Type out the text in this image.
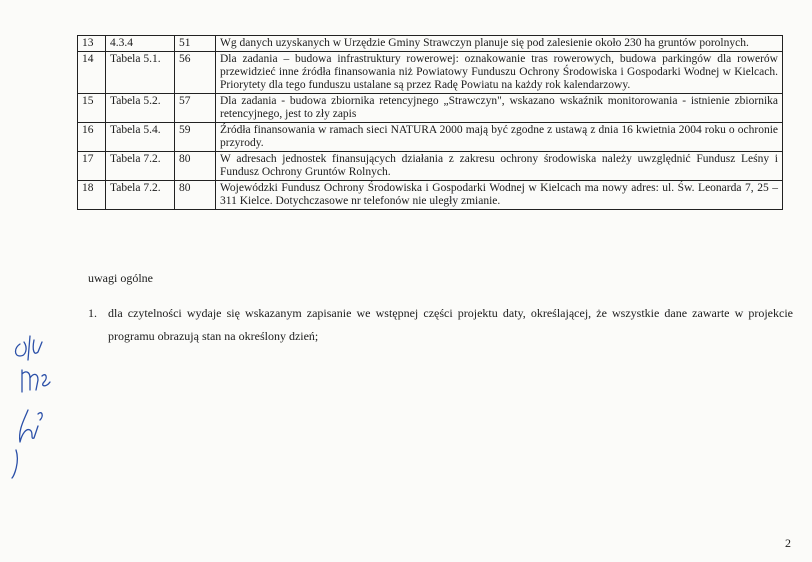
13	4.3.4	51	Wg danych uzyskanych w Urzędzie Gminy Strawczyn planuje się pod zalesienie około 230 ha gruntów porolnych.
14	Tabela 5.1.	56	Dla zadania – budowa infrastruktury rowerowej: oznakowanie tras rowerowych, budowa parkingów dla rowerów przewidzieć inne źródła finansowania niż Powiatowy Funduszu Ochrony Środowiska i Gospodarki Wodnej w Kielcach. Priorytety dla tego funduszu ustalane są przez Radę Powiatu na każdy rok kalendarzowy.
15	Tabela 5.2.	57	Dla zadania - budowa zbiornika retencyjnego „Strawczyn", wskazano wskaźnik monitorowania - istnienie zbiornika retencyjnego, jest to zły zapis
16	Tabela 5.4.	59	Źródła finansowania w ramach sieci NATURA 2000 mają być zgodne z ustawą z dnia 16 kwietnia 2004 roku o ochronie przyrody.
17	Tabela 7.2.	80	W adresach jednostek finansujących działania z zakresu ochrony środowiska należy uwzględnić Fundusz Leśny i Fundusz Ochrony Gruntów Rolnych.
18	Tabela 7.2.	80	Wojewódzki Fundusz Ochrony Środowiska i Gospodarki Wodnej w Kielcach ma nowy adres: ul. Św. Leonarda 7, 25 – 311 Kielce. Dotychczasowe nr telefonów nie uległy zmianie.
uwagi ogólne
1. dla czytelności wydaje się wskazanym zapisanie we wstępnej części projektu daty, określającej, że wszystkie dane zawarte w projekcie programu obrazują stan na określony dzień;
2
